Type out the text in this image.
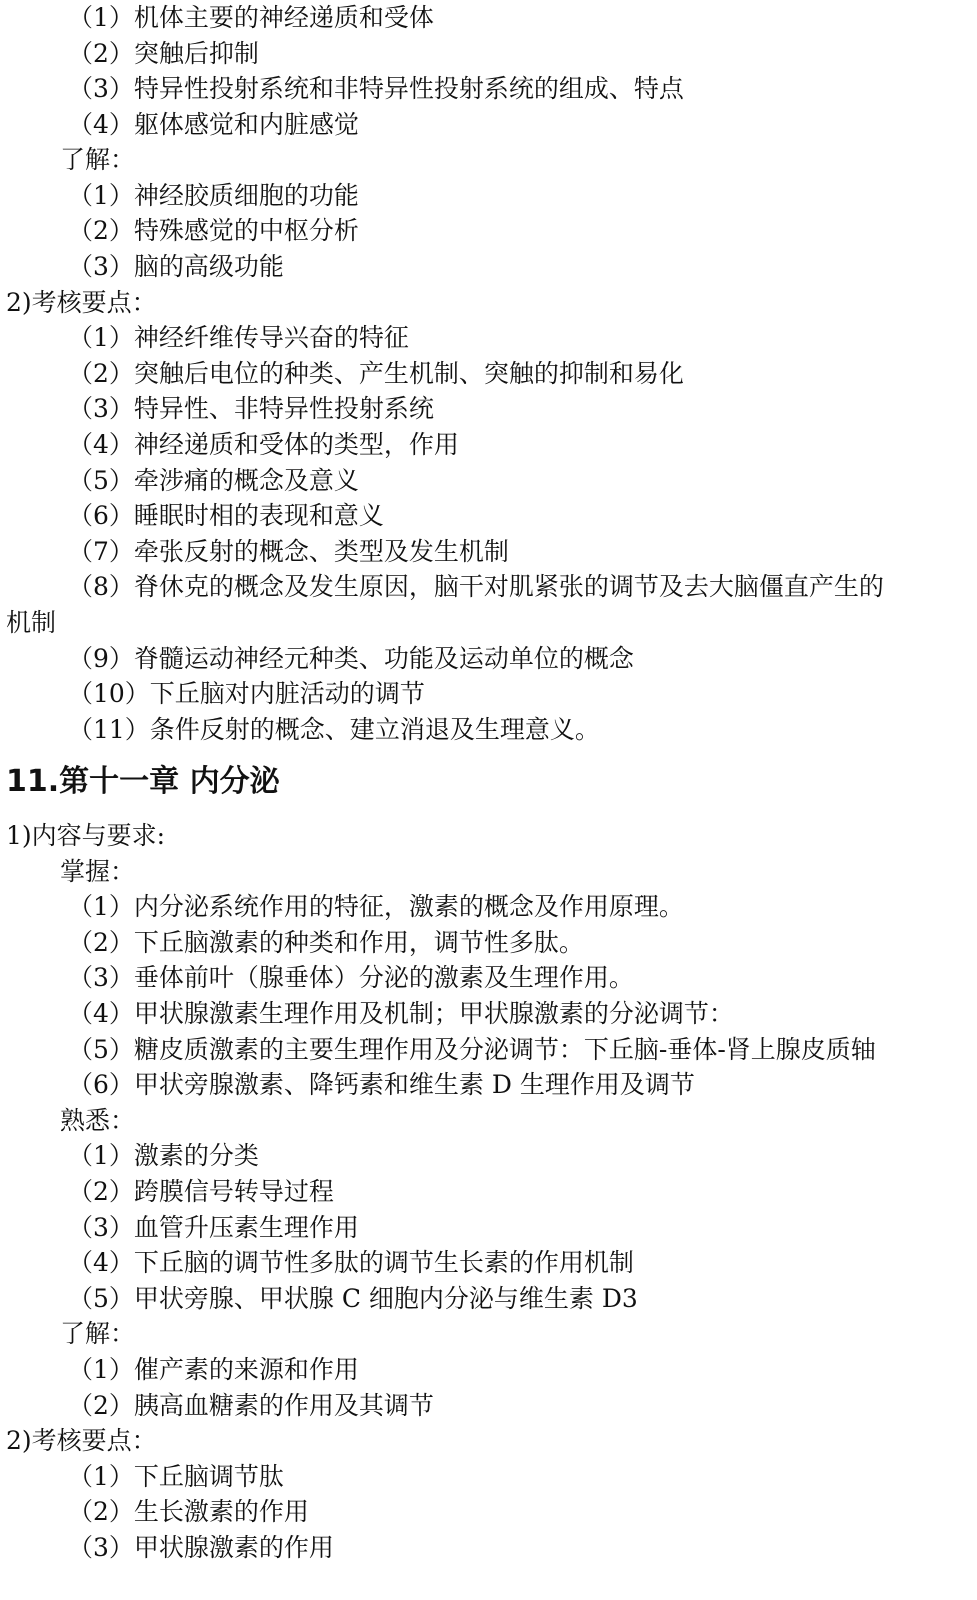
（1）机体主要的神经递质和受体

（2）突触后抑制

（3）特异性投射系统和非特异性投射系统的组成、特点

（4）躯体感觉和内脏感觉

了解：

（1）神经胶质细胞的功能

（2）特殊感觉的中枢分析

（3）脑的高级功能

2)考核要点：

（1）神经纤维传导兴奋的特征

（2）突触后电位的种类、产生机制、突触的抑制和易化

（3）特异性、非特异性投射系统

（4）神经递质和受体的类型，作用

（5）牵涉痛的概念及意义

（6）睡眠时相的表现和意义

（7）牵张反射的概念、类型及发生机制

（8）脊休克的概念及发生原因，脑干对肌紧张的调节及去大脑僵直产生的

机制

（9）脊髓运动神经元种类、功能及运动单位的概念

（10）下丘脑对内脏活动的调节

（11）条件反射的概念、建立消退及生理意义。

11.第十一章 内分泌

1)内容与要求:

掌握：

（1）内分泌系统作用的特征，激素的概念及作用原理。

（2）下丘脑激素的种类和作用，调节性多肽。

（3）垂体前叶（腺垂体）分泌的激素及生理作用。

（4）甲状腺激素生理作用及机制；甲状腺激素的分泌调节：

（5）糖皮质激素的主要生理作用及分泌调节：下丘脑-垂体-肾上腺皮质轴

（6）甲状旁腺激素、降钙素和维生素 D 生理作用及调节

熟悉：

（1）激素的分类

（2）跨膜信号转导过程

（3）血管升压素生理作用

（4）下丘脑的调节性多肽的调节生长素的作用机制

（5）甲状旁腺、甲状腺 C 细胞内分泌与维生素 D3

了解：

（1）催产素的来源和作用

（2）胰高血糖素的作用及其调节

2)考核要点：

（1）下丘脑调节肽

（2）生长激素的作用

（3）甲状腺激素的作用
